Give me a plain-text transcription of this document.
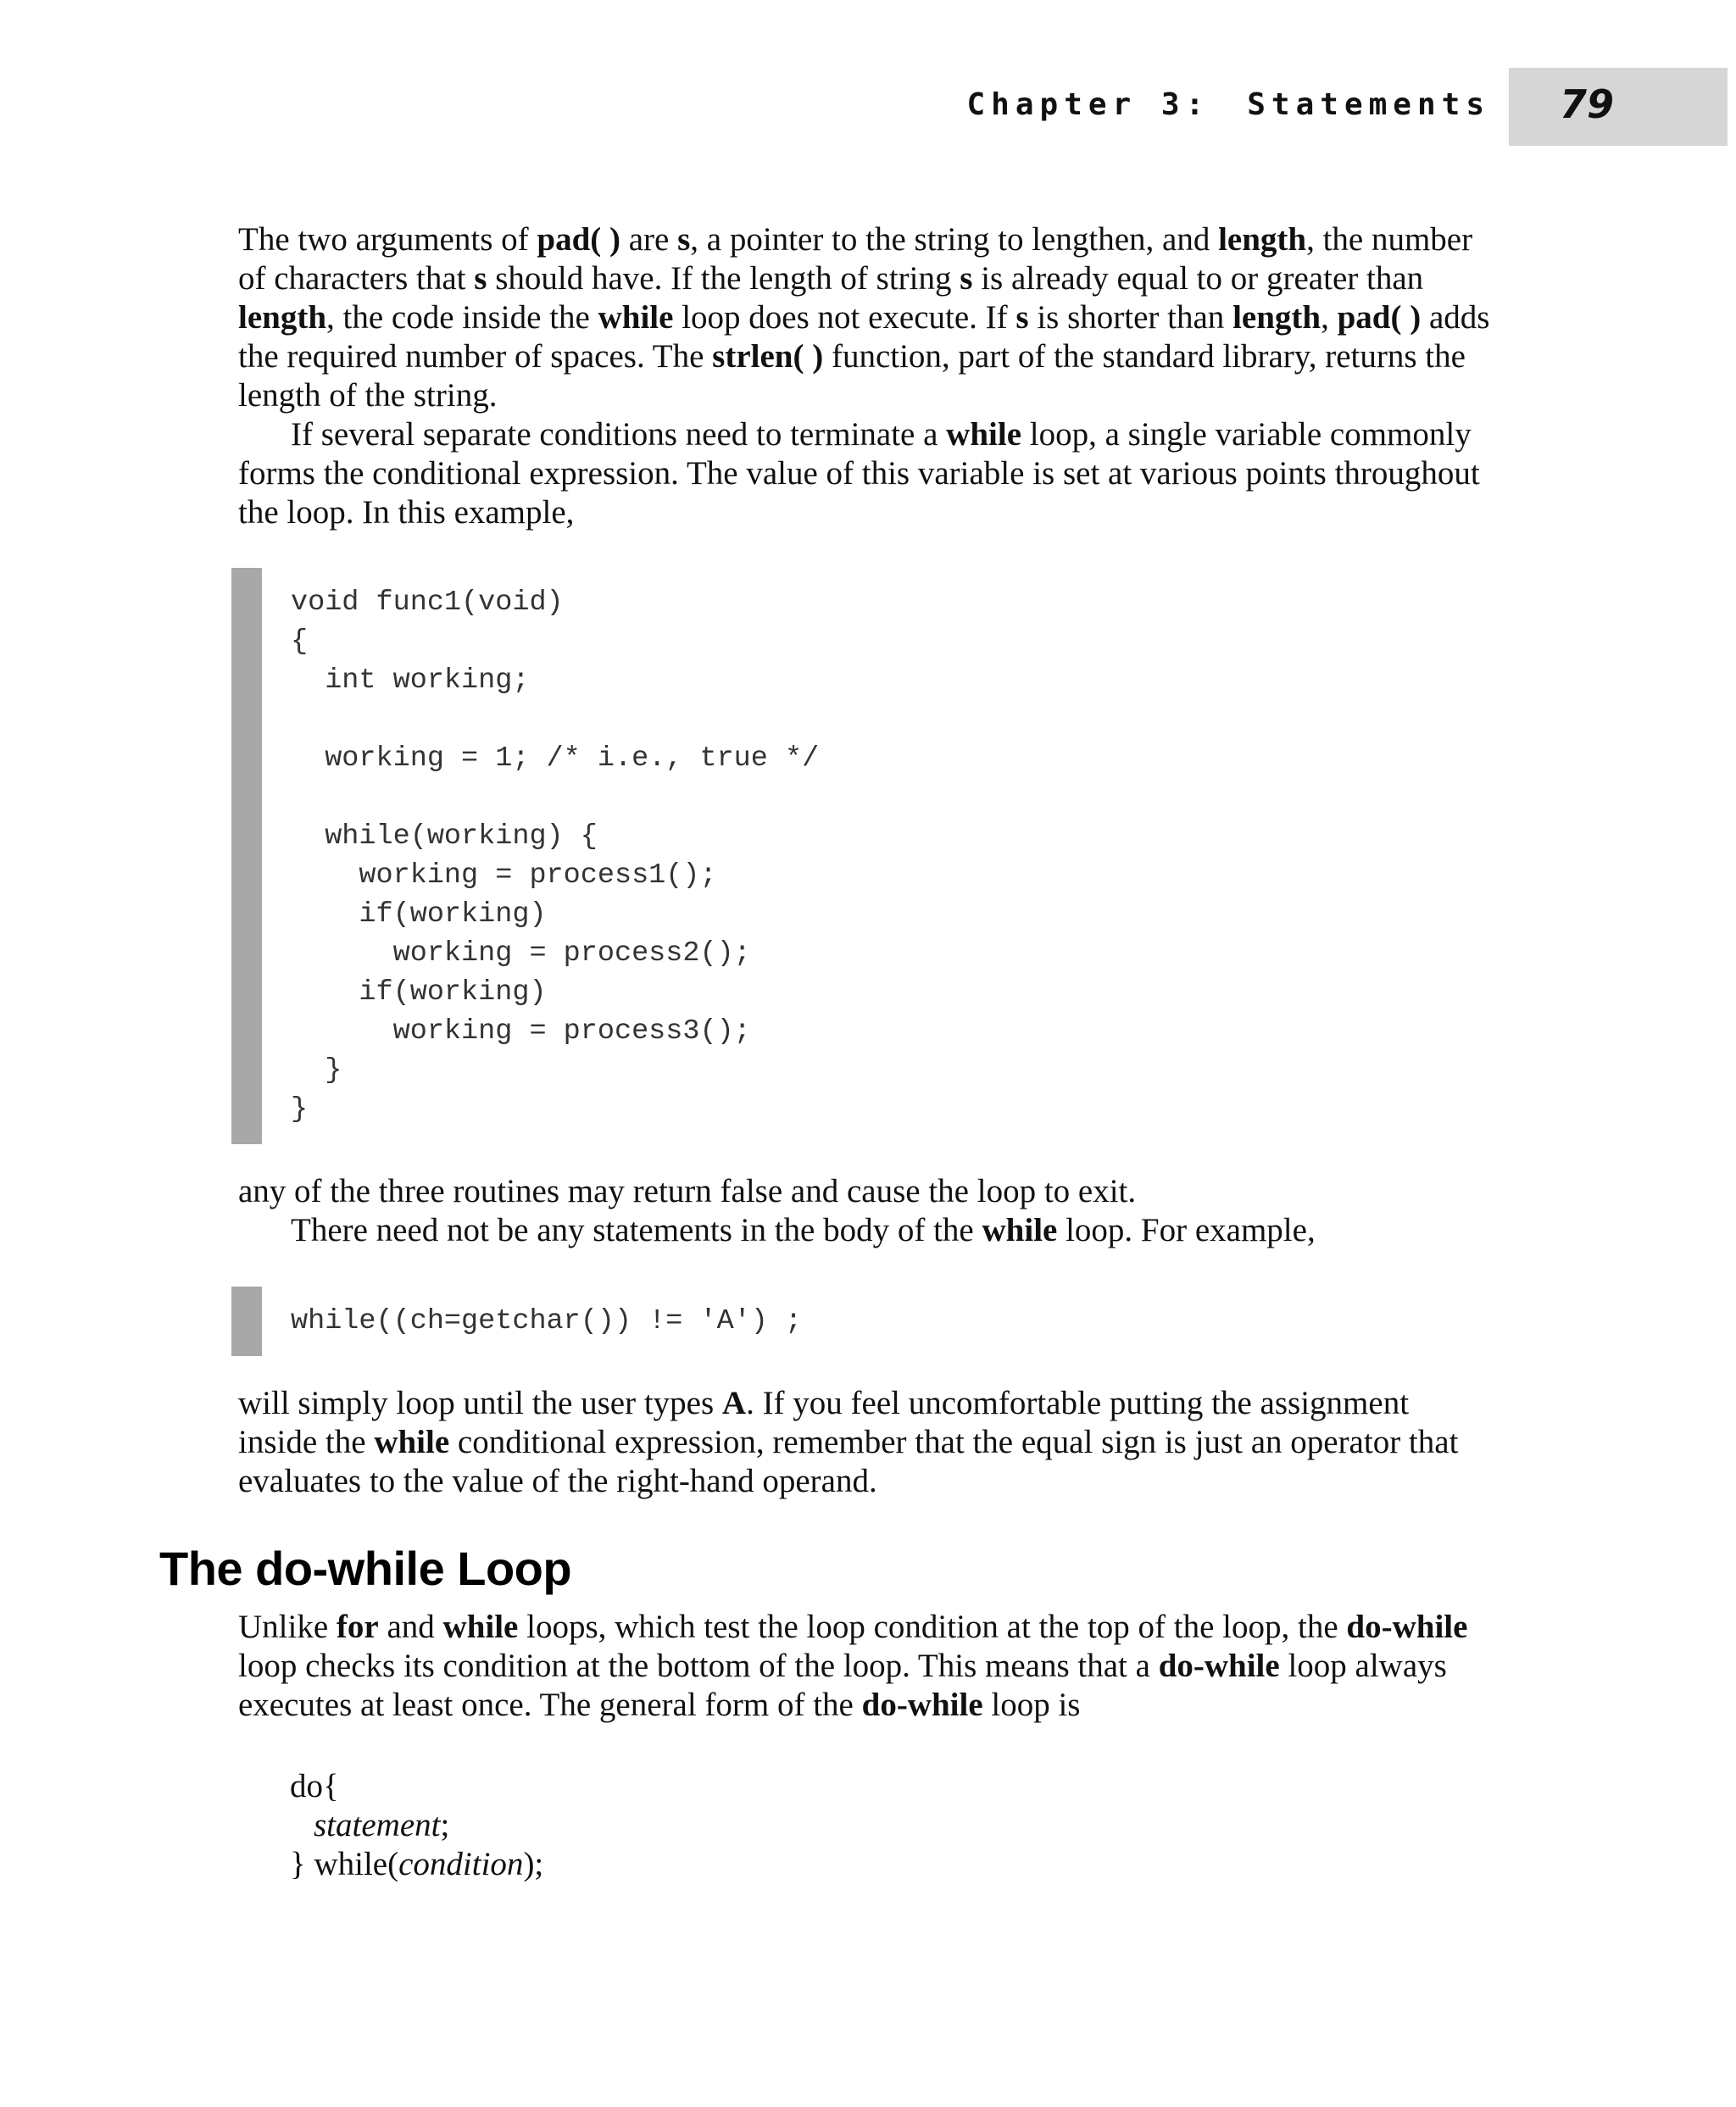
Chapter 3: Statements 79

The two arguments of pad( ) are s, a pointer to the string to lengthen, and length, the number of characters that s should have. If the length of string s is already equal to or greater than length, the code inside the while loop does not execute. If s is shorter than length, pad( ) adds the required number of spaces. The strlen( ) function, part of the standard library, returns the length of the string.

If several separate conditions need to terminate a while loop, a single variable commonly forms the conditional expression. The value of this variable is set at various points throughout the loop. In this example,

void func1(void)
{
int working;

working = 1; /* i.e., true */

while(working) {
working = process1();
if(working)
working = process2();
if(working)
working = process3();
}
}

any of the three routines may return false and cause the loop to exit.

There need not be any statements in the body of the while loop. For example,

while((ch=getchar()) != 'A') ;

will simply loop until the user types A. If you feel uncomfortable putting the assignment inside the while conditional expression, remember that the equal sign is just an operator that evaluates to the value of the right-hand operand.

The do-while Loop

Unlike for and while loops, which test the loop condition at the top of the loop, the do-while loop checks its condition at the bottom of the loop. This means that a do-while loop always executes at least once. The general form of the do-while loop is

do{
statement;
} while(condition);
